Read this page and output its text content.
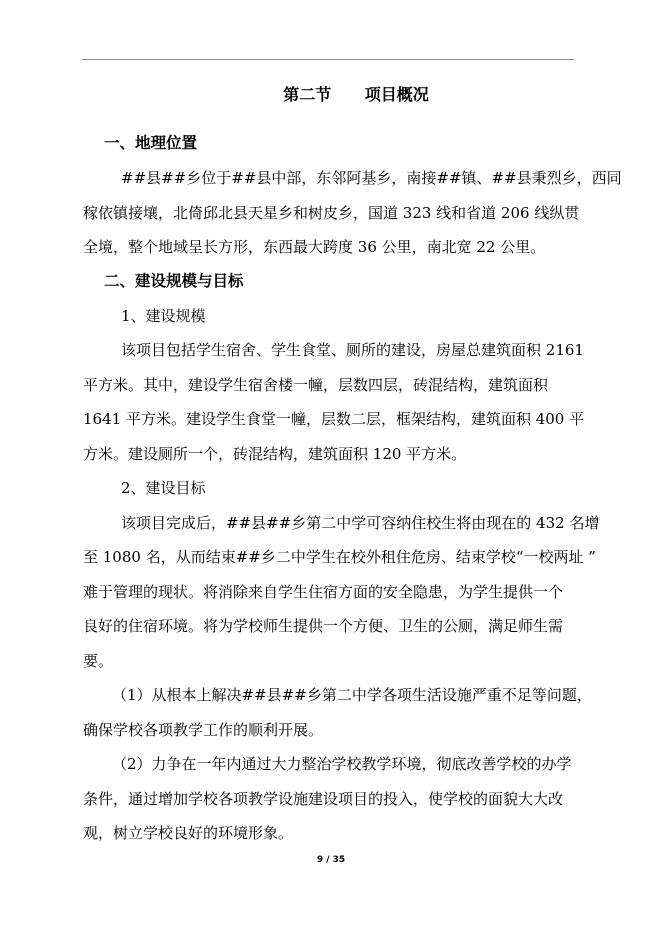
第二节      项目概况
一、地理位置
##县##乡位于##县中部，东邻阿基乡，南接##镇、##县秉烈乡，西同
稼依镇接壤，北倚邱北县天星乡和树皮乡，国道 323 线和省道 206 线纵贯
全境，整个地域呈长方形，东西最大跨度 36 公里，南北宽 22 公里。
二、建设规模与目标
1、建设规模
该项目包括学生宿舍、学生食堂、厕所的建设，房屋总建筑面积 2161
平方米。其中，建设学生宿舍楼一幢，层数四层，砖混结构，建筑面积
1641 平方米。建设学生食堂一幢，层数二层，框架结构，建筑面积 400 平
方米。建设厕所一个，砖混结构，建筑面积 120 平方米。
2、建设目标
该项目完成后，##县##乡第二中学可容纳住校生将由现在的 432 名增
至 1080 名，从而结束##乡二中学生在校外租住危房、结束学校“一校两址 ”
难于管理的现状。将消除来自学生住宿方面的安全隐患，为学生提供一个
良好的住宿环境。将为学校师生提供一个方便、卫生的公厕，满足师生需
要。
（1）从根本上解决##县##乡第二中学各项生活设施严重不足等问题，
确保学校各项教学工作的顺利开展。
（2）力争在一年内通过大力整治学校教学环境，彻底改善学校的办学
条件，通过增加学校各项教学设施建设项目的投入，使学校的面貌大大改
观，树立学校良好的环境形象。
9 / 35
